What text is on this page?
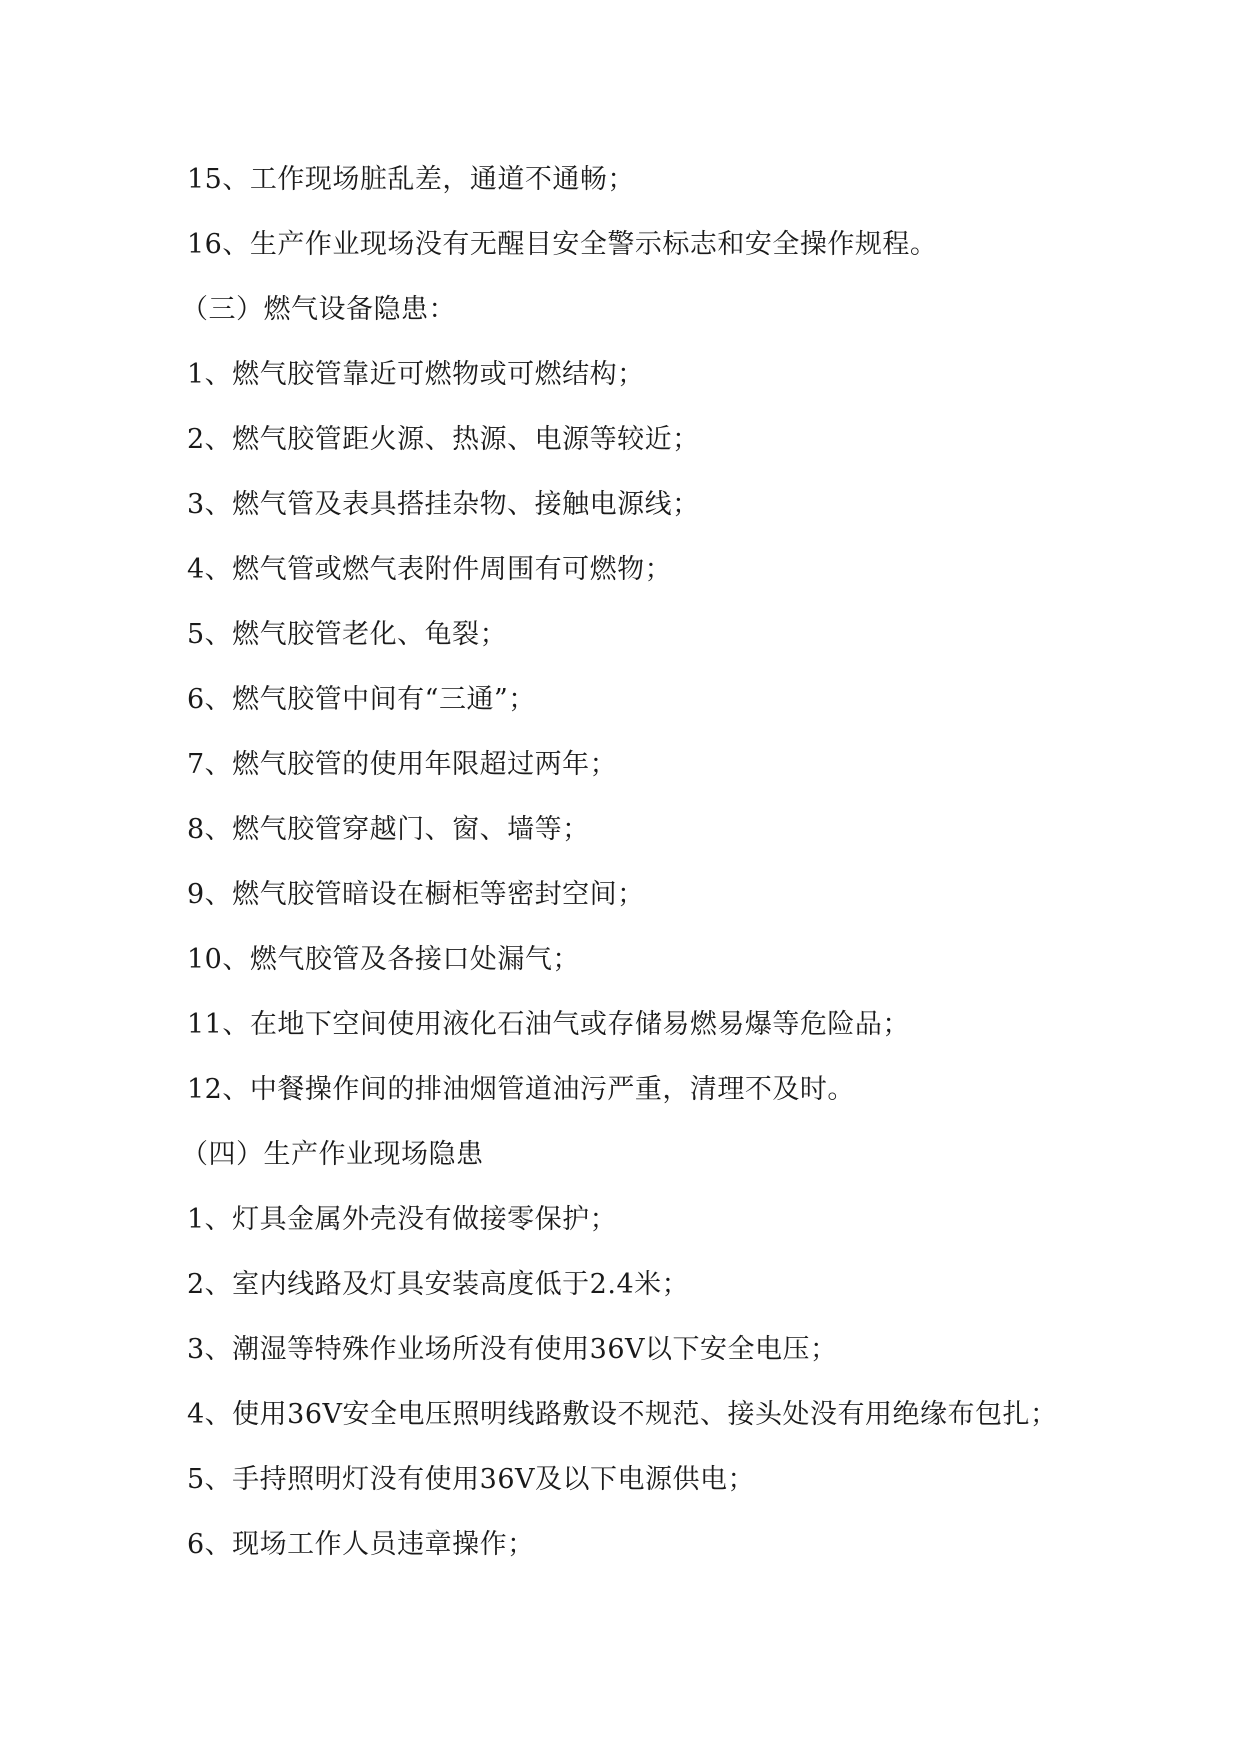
15、工作现场脏乱差，通道不通畅；
16、生产作业现场没有无醒目安全警示标志和安全操作规程。
（三）燃气设备隐患：
1、燃气胶管靠近可燃物或可燃结构；
2、燃气胶管距火源、热源、电源等较近；
3、燃气管及表具搭挂杂物、接触电源线；
4、燃气管或燃气表附件周围有可燃物；
5、燃气胶管老化、龟裂；
6、燃气胶管中间有“三通”；
7、燃气胶管的使用年限超过两年；
8、燃气胶管穿越门、窗、墙等；
9、燃气胶管暗设在橱柜等密封空间；
10、燃气胶管及各接口处漏气；
11、在地下空间使用液化石油气或存储易燃易爆等危险品；
12、中餐操作间的排油烟管道油污严重，清理不及时。
（四）生产作业现场隐患
1、灯具金属外壳没有做接零保护；
2、室内线路及灯具安装高度低于2.4米；
3、潮湿等特殊作业场所没有使用36V以下安全电压；
4、使用36V安全电压照明线路敷设不规范、接头处没有用绝缘布包扎；
5、手持照明灯没有使用36V及以下电源供电；
6、现场工作人员违章操作；
